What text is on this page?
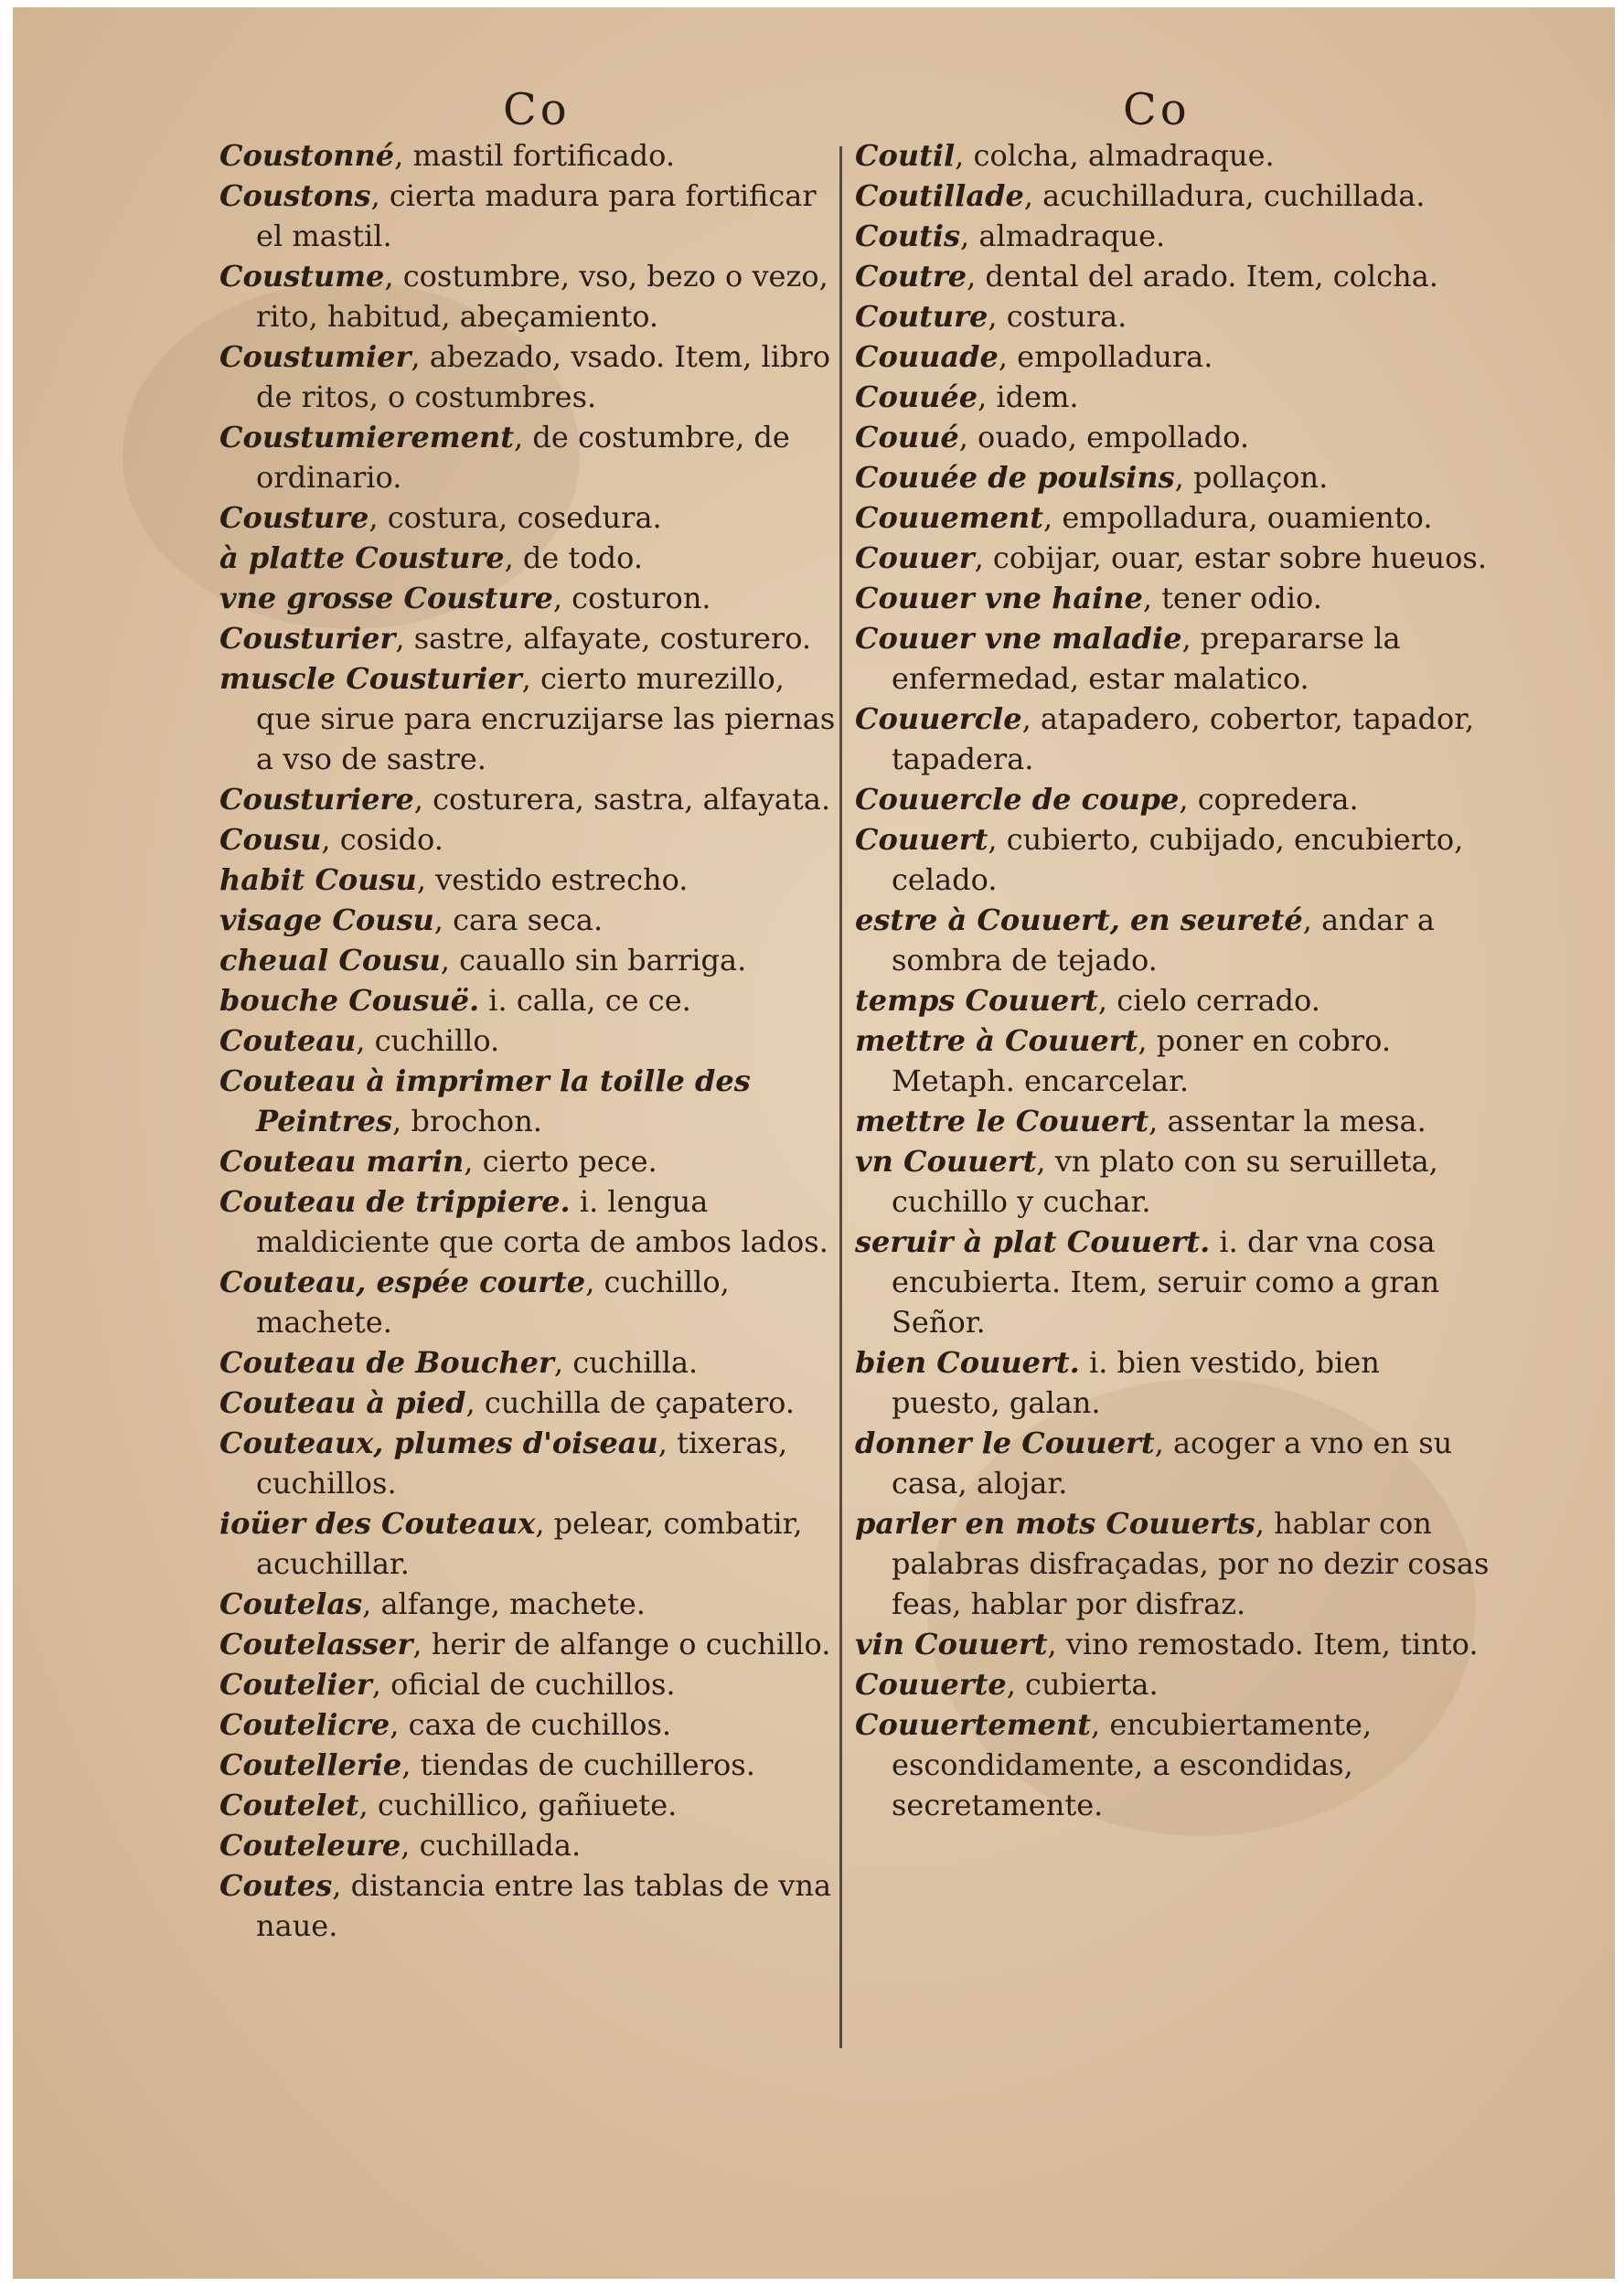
Co	Co

Coustonné, mastil fortificado.

Coustons, cierta madura para fortificar el mastil.

Coustume, costumbre, vso, bezo o vezo, rito, habitud, abeçamiento.

Coustumier, abezado, vsado. Item, libro de ritos, o costumbres.

Coustumierement, de costumbre, de ordinario.

Cousture, costura, cosedura.

à platte Cousture, de todo.

vne grosse Cousture, costuron.

Cousturier, sastre, alfayate, costurero.

muscle Cousturier, cierto murezillo, que sirue para encruzijarse las piernas a vso de sastre.

Cousturiere, costurera, sastra, alfayata.

Cousu, cosido.

habit Cousu, vestido estrecho.

visage Cousu, cara seca.

cheual Cousu, cauallo sin barriga.

bouche Cousuë. i. calla, ce ce.

Couteau, cuchillo.

Couteau à imprimer la toille des Peintres, brochon.

Couteau marin, cierto pece.

Couteau de trippiere. i. lengua maldiciente que corta de ambos lados.

Couteau, espée courte, cuchillo, machete.

Couteau de Boucher, cuchilla.

Couteau à pied, cuchilla de çapatero.

Couteaux, plumes d'oiseau, tixeras, cuchillos.

ioüer des Couteaux, pelear, combatir, acuchillar.

Coutelas, alfange, machete.

Coutelasser, herir de alfange o cuchillo.

Coutelier, oficial de cuchillos.

Coutelicre, caxa de cuchillos.

Coutellerie, tiendas de cuchilleros.

Coutelet, cuchillico, gañiuete.

Couteleure, cuchillada.

Coutes, distancia entre las tablas de vna naue.

Coutil, colcha, almadraque.

Coutillade, acuchilladura, cuchillada.

Coutis, almadraque.

Coutre, dental del arado. Item, colcha.

Couture, costura.

Couuade, empolladura.

Couuée, idem.

Couué, ouado, empollado.

Couuée de poulsins, pollaçon.

Couuement, empolladura, ouamiento.

Couuer, cobijar, ouar, estar sobre hueuos.

Couuer vne haine, tener odio.

Couuer vne maladie, prepararse la enfermedad, estar malatico.

Couuercle, atapadero, cobertor, tapador, tapadera.

Couuercle de coupe, copredera.

Couuert, cubierto, cubijado, encubierto, celado.

estre à Couuert, en seureté, andar a sombra de tejado.

temps Couuert, cielo cerrado.

mettre à Couuert, poner en cobro. Metaph. encarcelar.

mettre le Couuert, assentar la mesa.

vn Couuert, vn plato con su seruilleta, cuchillo y cuchar.

seruir à plat Couuert. i. dar vna cosa encubierta. Item, seruir como a gran Señor.

bien Couuert. i. bien vestido, bien puesto, galan.

donner le Couuert, acoger a vno en su casa, alojar.

parler en mots Couuerts, hablar con palabras disfraçadas, por no dezir cosas feas, hablar por disfraz.

vin Couuert, vino remostado. Item, tinto.

Couuerte, cubierta.

Couuertement, encubiertamente, escondidamente, a escondidas, secretamente.
